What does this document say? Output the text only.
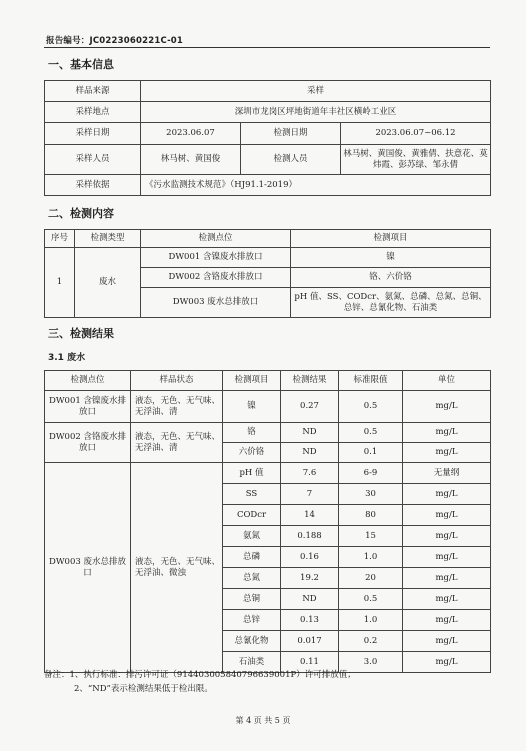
报告编号：JC0223060221C-01
一、基本信息
样品来源	采样		
采样地点	深圳市龙岗区坪地街道年丰社区横岭工业区		
采样日期	2023.06.07	检测日期	2023.06.07~06.12
采样人员	林马树、黄国俊	检测人员	林马树、黄国俊、黄雅倩、扶意花、莫炜霞、彭苏绿、邹永倩
采样依据	《污水监测技术规范》（HJ91.1-2019）		
二、检测内容
序号	检测类型	检测点位	检测项目
1	废水	DW001 含镍废水排放口	镍
		DW002 含铬废水排放口	铬、六价铬
		DW003 废水总排放口	pH 值、SS、CODcr、氨氮、总磷、总氮、总铜、总锌、总氰化物、石油类
三、检测结果
3.1 废水
检测点位	样品状态	检测项目	检测结果	标准限值	单位
DW001 含镍废水排放口	液态，无色、无气味、无浮油、清	镍	0.27	0.5	mg/L
DW002 含铬废水排放口	液态，无色、无气味、无浮油、清	铬	ND	0.5	mg/L
		六价铬	ND	0.1	mg/L
DW003 废水总排放口	液态，无色、无气味、无浮油、微浊	pH 值	7.6	6-9	无量纲
		SS	7	30	mg/L
		CODcr	14	80	mg/L
		氨氮	0.188	15	mg/L
		总磷	0.16	1.0	mg/L
		总氮	19.2	20	mg/L
		总铜	ND	0.5	mg/L
		总锌	0.13	1.0	mg/L
		总氰化物	0.017	0.2	mg/L
		石油类	0.11	3.0	mg/L
备注：1、执行标准：排污许可证（914403005840796639001P）许可排放值；
2、“ND”表示检测结果低于检出限。
第 4 页 共 5 页
